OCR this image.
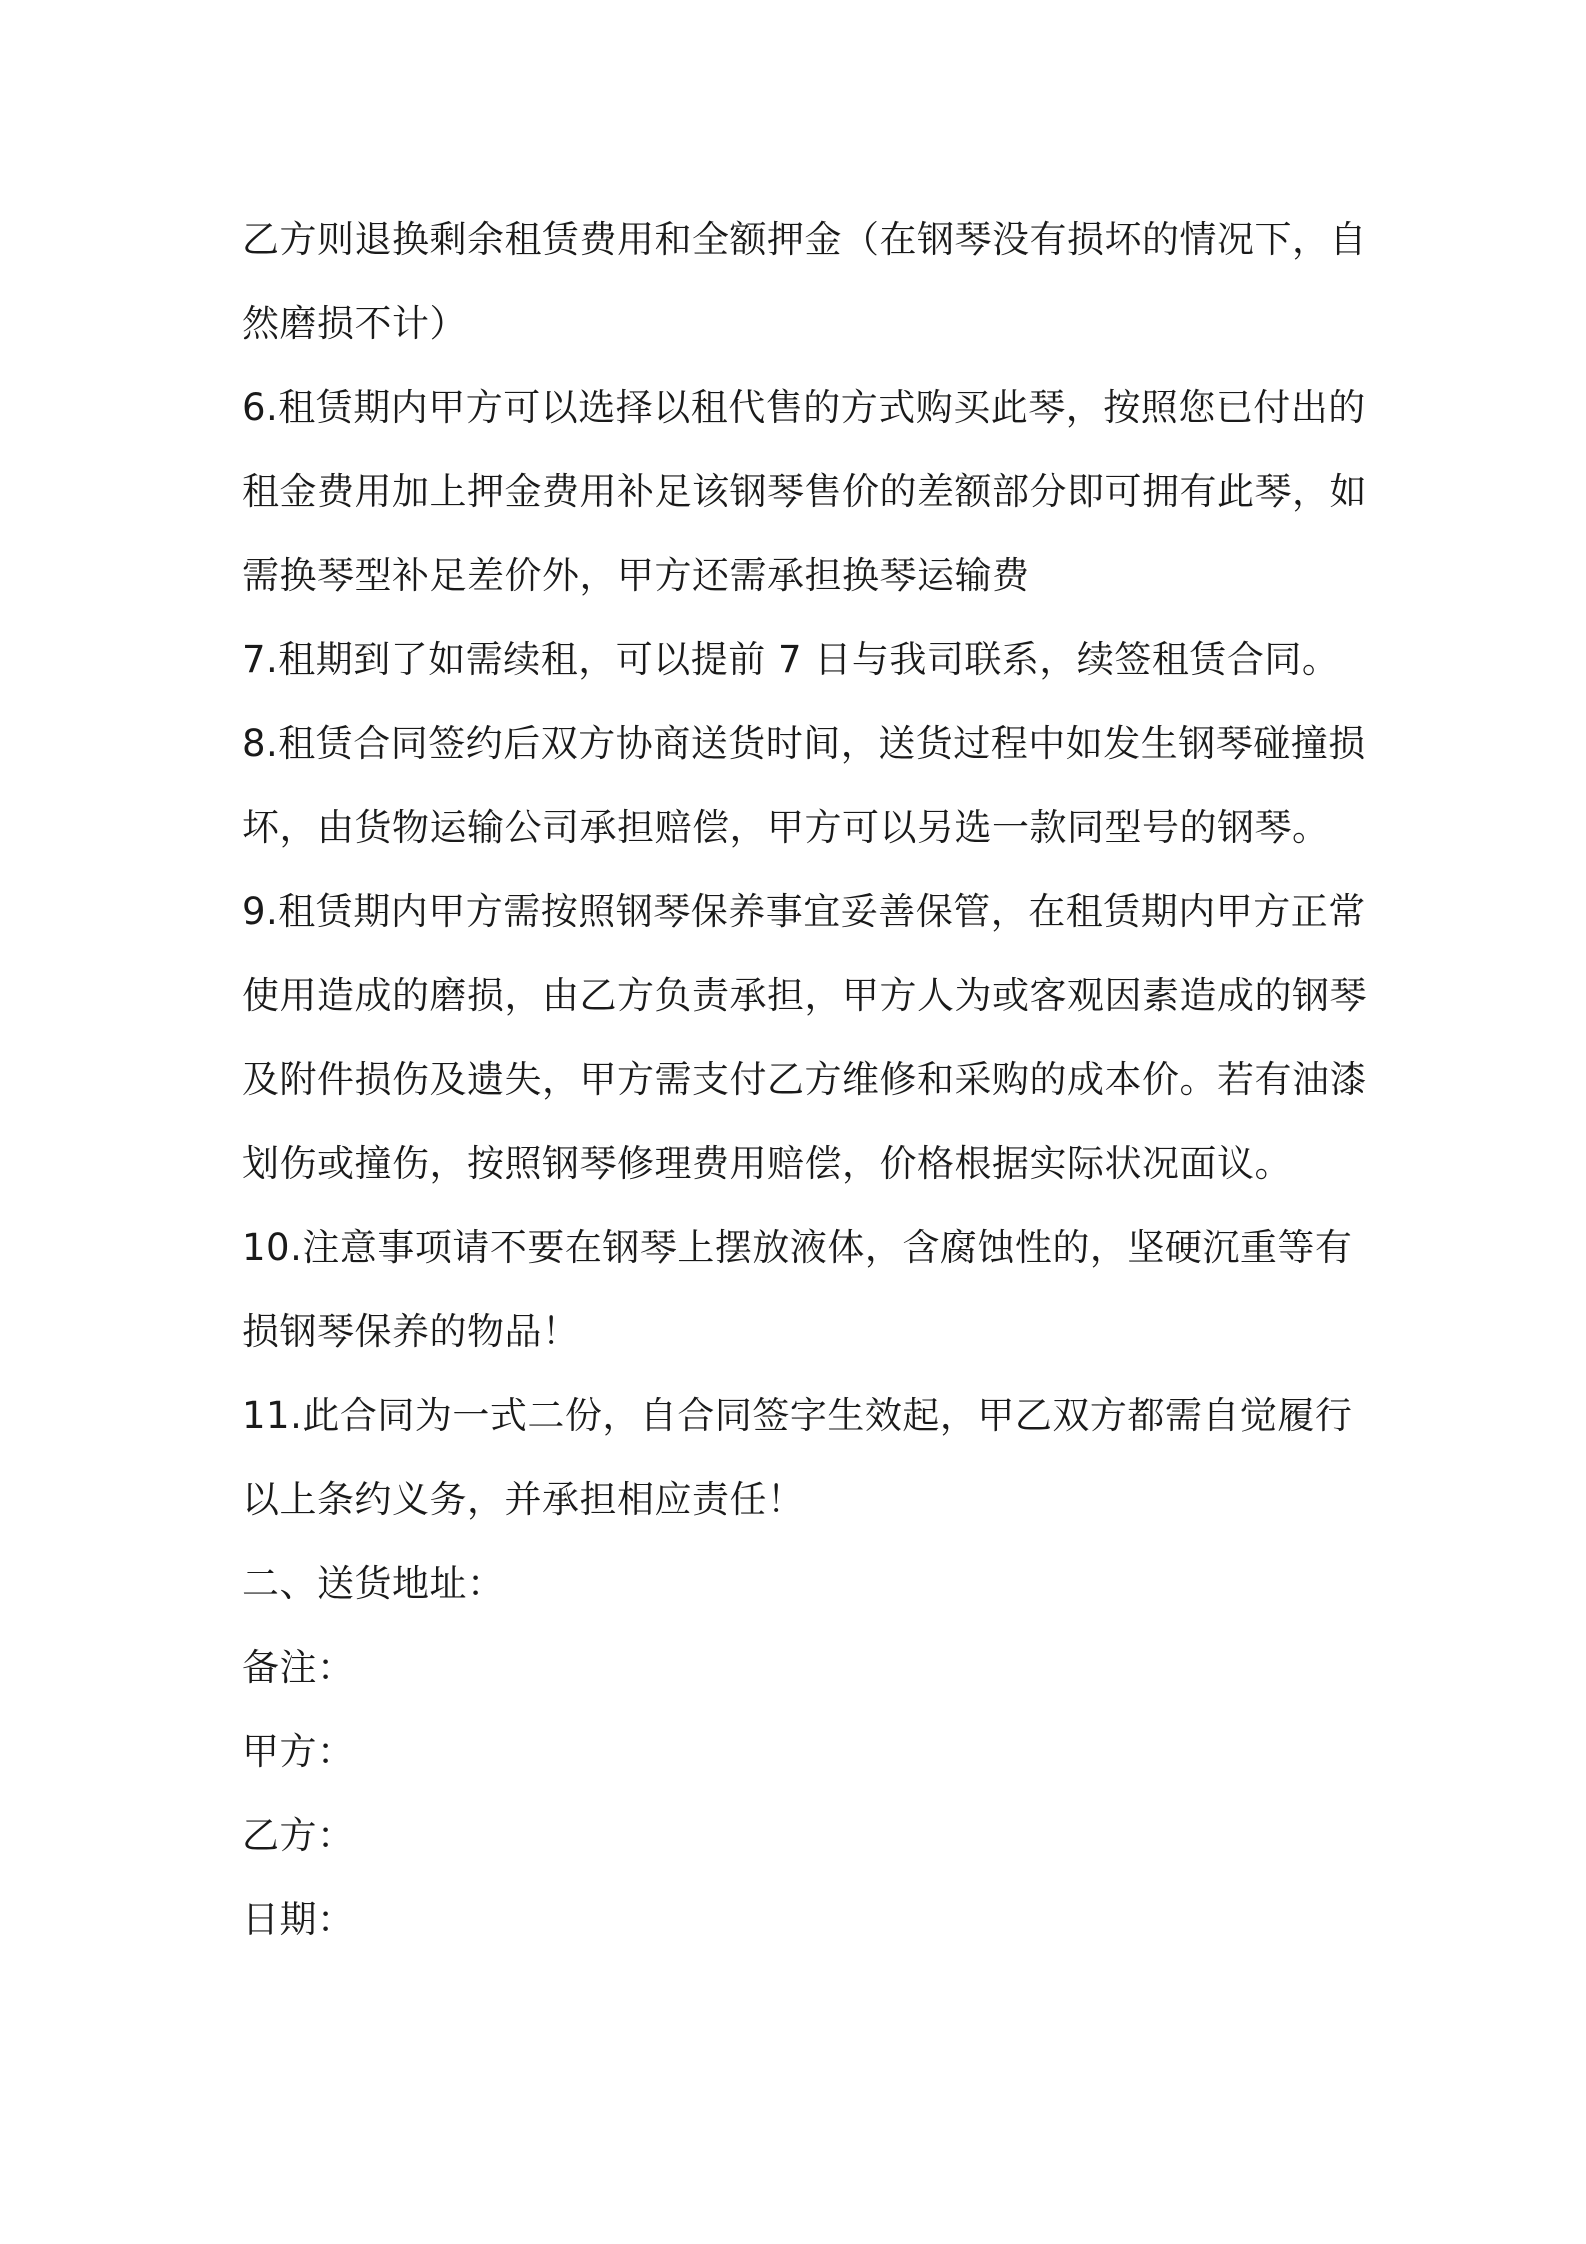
乙方则退换剩余租赁费用和全额押金（在钢琴没有损坏的情况下，自
然磨损不计）
6.租赁期内甲方可以选择以租代售的方式购买此琴，按照您已付出的
租金费用加上押金费用补足该钢琴售价的差额部分即可拥有此琴，如
需换琴型补足差价外，甲方还需承担换琴运输费
7.租期到了如需续租，可以提前 7 日与我司联系，续签租赁合同。
8.租赁合同签约后双方协商送货时间，送货过程中如发生钢琴碰撞损
坏，由货物运输公司承担赔偿，甲方可以另选一款同型号的钢琴。
9.租赁期内甲方需按照钢琴保养事宜妥善保管，在租赁期内甲方正常
使用造成的磨损，由乙方负责承担，甲方人为或客观因素造成的钢琴
及附件损伤及遗失，甲方需支付乙方维修和采购的成本价。若有油漆
划伤或撞伤，按照钢琴修理费用赔偿，价格根据实际状况面议。
10.注意事项请不要在钢琴上摆放液体，含腐蚀性的，坚硬沉重等有
损钢琴保养的物品！
11.此合同为一式二份，自合同签字生效起，甲乙双方都需自觉履行
以上条约义务，并承担相应责任！
二、送货地址：
备注：
甲方：
乙方：
日期：
